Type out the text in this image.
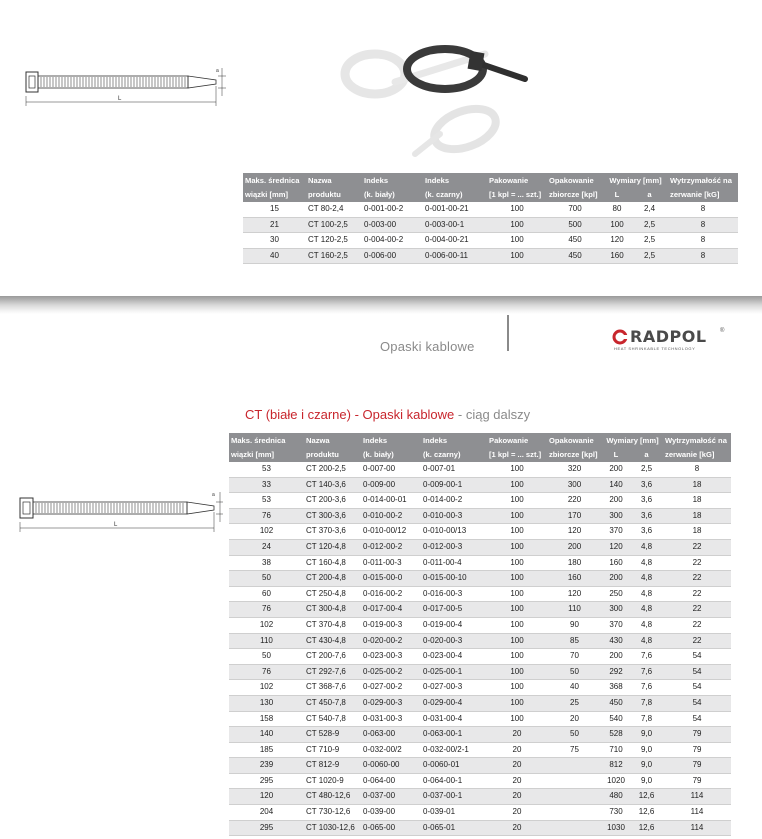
L
a
Maks. średnica	Nazwa	Indeks	Indeks	Pakowanie	Opakowanie	Wymiary [mm]		Wytrzymałość na
wiązki [mm]	produktu	(k. biały)	(k. czarny)	[1 kpl = ... szt.]	zbiorcze [kpl]	L	a	zerwanie [kG]
15	CT 80-2,4	0-001-00-2	0-001-00-21	100	700	80	2,4	8
21	CT 100-2,5	0-003-00	0-003-00-1	100	500	100	2,5	8
30	CT 120-2,5	0-004-00-2	0-004-00-21	100	450	120	2,5	8
40	CT 160-2,5	0-006-00	0-006-00-11	100	450	160	2,5	8
Opaski kablowe
RADPOL ®
HEAT SHRINKABLE TECHNOLOGY
CT (białe i czarne) - Opaski kablowe - ciąg dalszy
L
a
Maks. średnica	Nazwa	Indeks	Indeks	Pakowanie	Opakowanie	Wymiary [mm]		Wytrzymałość na
wiązki [mm]	produktu	(k. biały)	(k. czarny)	[1 kpl = ... szt.]	zbiorcze [kpl]	L	a	zerwanie [kG]
53	CT 200-2,5	0-007-00	0-007-01	100	320	200	2,5	8
33	CT 140-3,6	0-009-00	0-009-00-1	100	300	140	3,6	18
53	CT 200-3,6	0-014-00-01	0-014-00-2	100	220	200	3,6	18
76	CT 300-3,6	0-010-00-2	0-010-00-3	100	170	300	3,6	18
102	CT 370-3,6	0-010-00/12	0-010-00/13	100	120	370	3,6	18
24	CT 120-4,8	0-012-00-2	0-012-00-3	100	200	120	4,8	22
38	CT 160-4,8	0-011-00-3	0-011-00-4	100	180	160	4,8	22
50	CT 200-4,8	0-015-00-0	0-015-00-10	100	160	200	4,8	22
60	CT 250-4,8	0-016-00-2	0-016-00-3	100	120	250	4,8	22
76	CT 300-4,8	0-017-00-4	0-017-00-5	100	110	300	4,8	22
102	CT 370-4,8	0-019-00-3	0-019-00-4	100	90	370	4,8	22
110	CT 430-4,8	0-020-00-2	0-020-00-3	100	85	430	4,8	22
50	CT 200-7,6	0-023-00-3	0-023-00-4	100	70	200	7,6	54
76	CT 292-7,6	0-025-00-2	0-025-00-1	100	50	292	7,6	54
102	CT 368-7,6	0-027-00-2	0-027-00-3	100	40	368	7,6	54
130	CT 450-7,8	0-029-00-3	0-029-00-4	100	25	450	7,8	54
158	CT 540-7,8	0-031-00-3	0-031-00-4	100	20	540	7,8	54
140	CT 528-9	0-063-00	0-063-00-1	20	50	528	9,0	79
185	CT 710-9	0-032-00/2	0-032-00/2-1	20	75	710	9,0	79
239	CT 812-9	0-0060-00	0-0060-01	20		812	9,0	79
295	CT 1020-9	0-064-00	0-064-00-1	20		1020	9,0	79
120	CT 480-12,6	0-037-00	0-037-00-1	20		480	12,6	114
204	CT 730-12,6	0-039-00	0-039-01	20		730	12,6	114
295	CT 1030-12,6	0-065-00	0-065-01	20		1030	12,6	114
